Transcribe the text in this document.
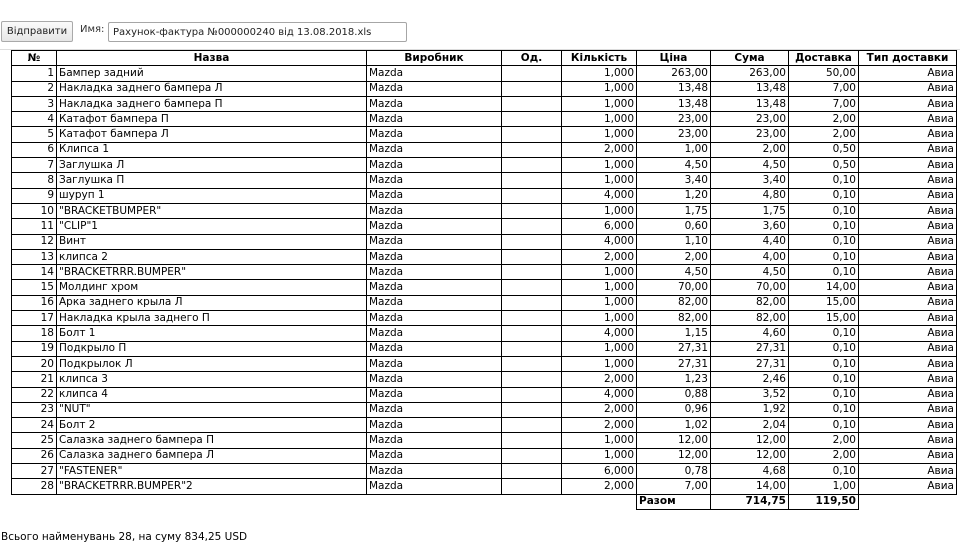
Відправити	Имя:
Рахунок-фактура №000000240 від 13.08.2018.xls
№	Назва	Виробник	Од.	Кількість	Ціна	Сума	Доставка	Тип доставки
1	Бампер задний	Mazda		1,000	263,00	263,00	50,00	Авиа
2	Накладка заднего бампера Л	Mazda		1,000	13,48	13,48	7,00	Авиа
3	Накладка заднего бампера П	Mazda		1,000	13,48	13,48	7,00	Авиа
4	Катафот бампера П	Mazda		1,000	23,00	23,00	2,00	Авиа
5	Катафот бампера Л	Mazda		1,000	23,00	23,00	2,00	Авиа
6	Клипса 1	Mazda		2,000	1,00	2,00	0,50	Авиа
7	Заглушка Л	Mazda		1,000	4,50	4,50	0,50	Авиа
8	Заглушка П	Mazda		1,000	3,40	3,40	0,10	Авиа
9	шуруп 1	Mazda		4,000	1,20	4,80	0,10	Авиа
10	"BRACKETBUMPER"	Mazda		1,000	1,75	1,75	0,10	Авиа
11	"CLIP"1	Mazda		6,000	0,60	3,60	0,10	Авиа
12	Винт	Mazda		4,000	1,10	4,40	0,10	Авиа
13	клипса 2	Mazda		2,000	2,00	4,00	0,10	Авиа
14	"BRACKETRRR.BUMPER"	Mazda		1,000	4,50	4,50	0,10	Авиа
15	Молдинг хром	Mazda		1,000	70,00	70,00	14,00	Авиа
16	Арка заднего крыла Л	Mazda		1,000	82,00	82,00	15,00	Авиа
17	Накладка крыла заднего П	Mazda		1,000	82,00	82,00	15,00	Авиа
18	Болт 1	Mazda		4,000	1,15	4,60	0,10	Авиа
19	Подкрыло П	Mazda		1,000	27,31	27,31	0,10	Авиа
20	Подкрылок Л	Mazda		1,000	27,31	27,31	0,10	Авиа
21	клипса 3	Mazda		2,000	1,23	2,46	0,10	Авиа
22	клипса 4	Mazda		4,000	0,88	3,52	0,10	Авиа
23	"NUT"	Mazda		2,000	0,96	1,92	0,10	Авиа
24	Болт 2	Mazda		2,000	1,02	2,04	0,10	Авиа
25	Салазка заднего бампера П	Mazda		1,000	12,00	12,00	2,00	Авиа
26	Салазка заднего бампера Л	Mazda		1,000	12,00	12,00	2,00	Авиа
27	"FASTENER"	Mazda		6,000	0,78	4,68	0,10	Авиа
28	"BRACKETRRR.BUMPER"2	Mazda		2,000	7,00	14,00	1,00	Авиа
					Разом	714,75	119,50	
Всього найменувань 28, на суму 834,25 USD
